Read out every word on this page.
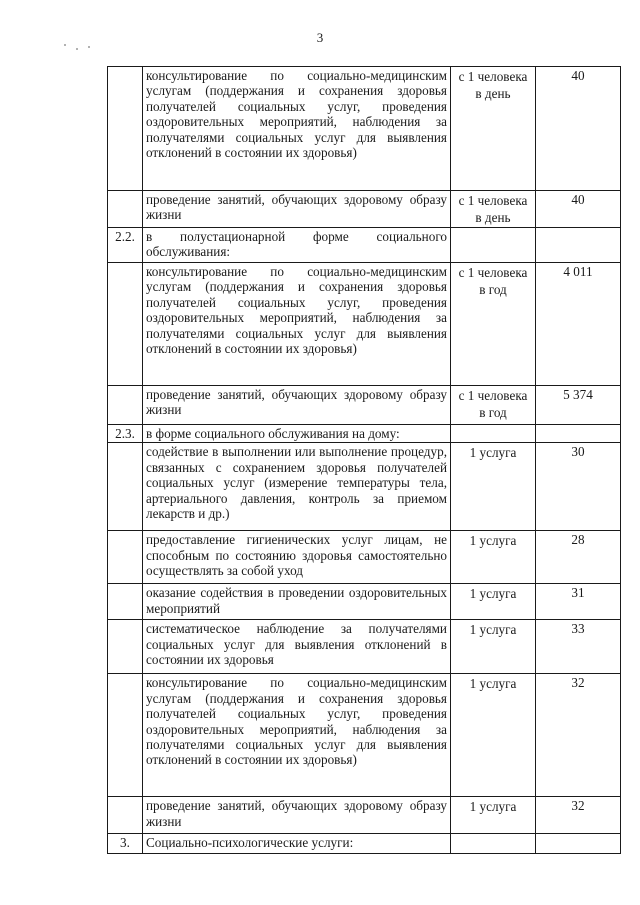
3
	консультирование по социально-медицинским услугам (поддержания и сохранения здоровья получателей социальных услуг, проведения оздоровительных мероприятий, наблюдения за получателями социальных услуг для выявления отклонений в состоянии их здоровья)	с 1 человека в день	40
	проведение занятий, обучающих здоровому образу жизни	с 1 человека в день	40
2.2.	в полустационарной форме социального обслуживания:		
	консультирование по социально-медицинским услугам (поддержания и сохранения здоровья получателей социальных услуг, проведения оздоровительных мероприятий, наблюдения за получателями социальных услуг для выявления отклонений в состоянии их здоровья)	с 1 человека в год	4 011
	проведение занятий, обучающих здоровому образу жизни	с 1 человека в год	5 374
2.3.	в форме социального обслуживания на дому:		
	содействие в выполнении или выполнение процедур, связанных с сохранением здоровья получателей социальных услуг (измерение температуры тела, артериального давления, контроль за приемом лекарств и др.)	1 услуга	30
	предоставление гигиенических услуг лицам, не способным по состоянию здоровья самостоятельно осуществлять за собой уход	1 услуга	28
	оказание содействия в проведении оздоровительных мероприятий	1 услуга	31
	систематическое наблюдение за получателями социальных услуг для выявления отклонений в состоянии их здоровья	1 услуга	33
	консультирование по социально-медицинским услугам (поддержания и сохранения здоровья получателей социальных услуг, проведения оздоровительных мероприятий, наблюдения за получателями социальных услуг для выявления отклонений в состоянии их здоровья)	1 услуга	32
	проведение занятий, обучающих здоровому образу жизни	1 услуга	32
3.	Социально-психологические услуги:		
